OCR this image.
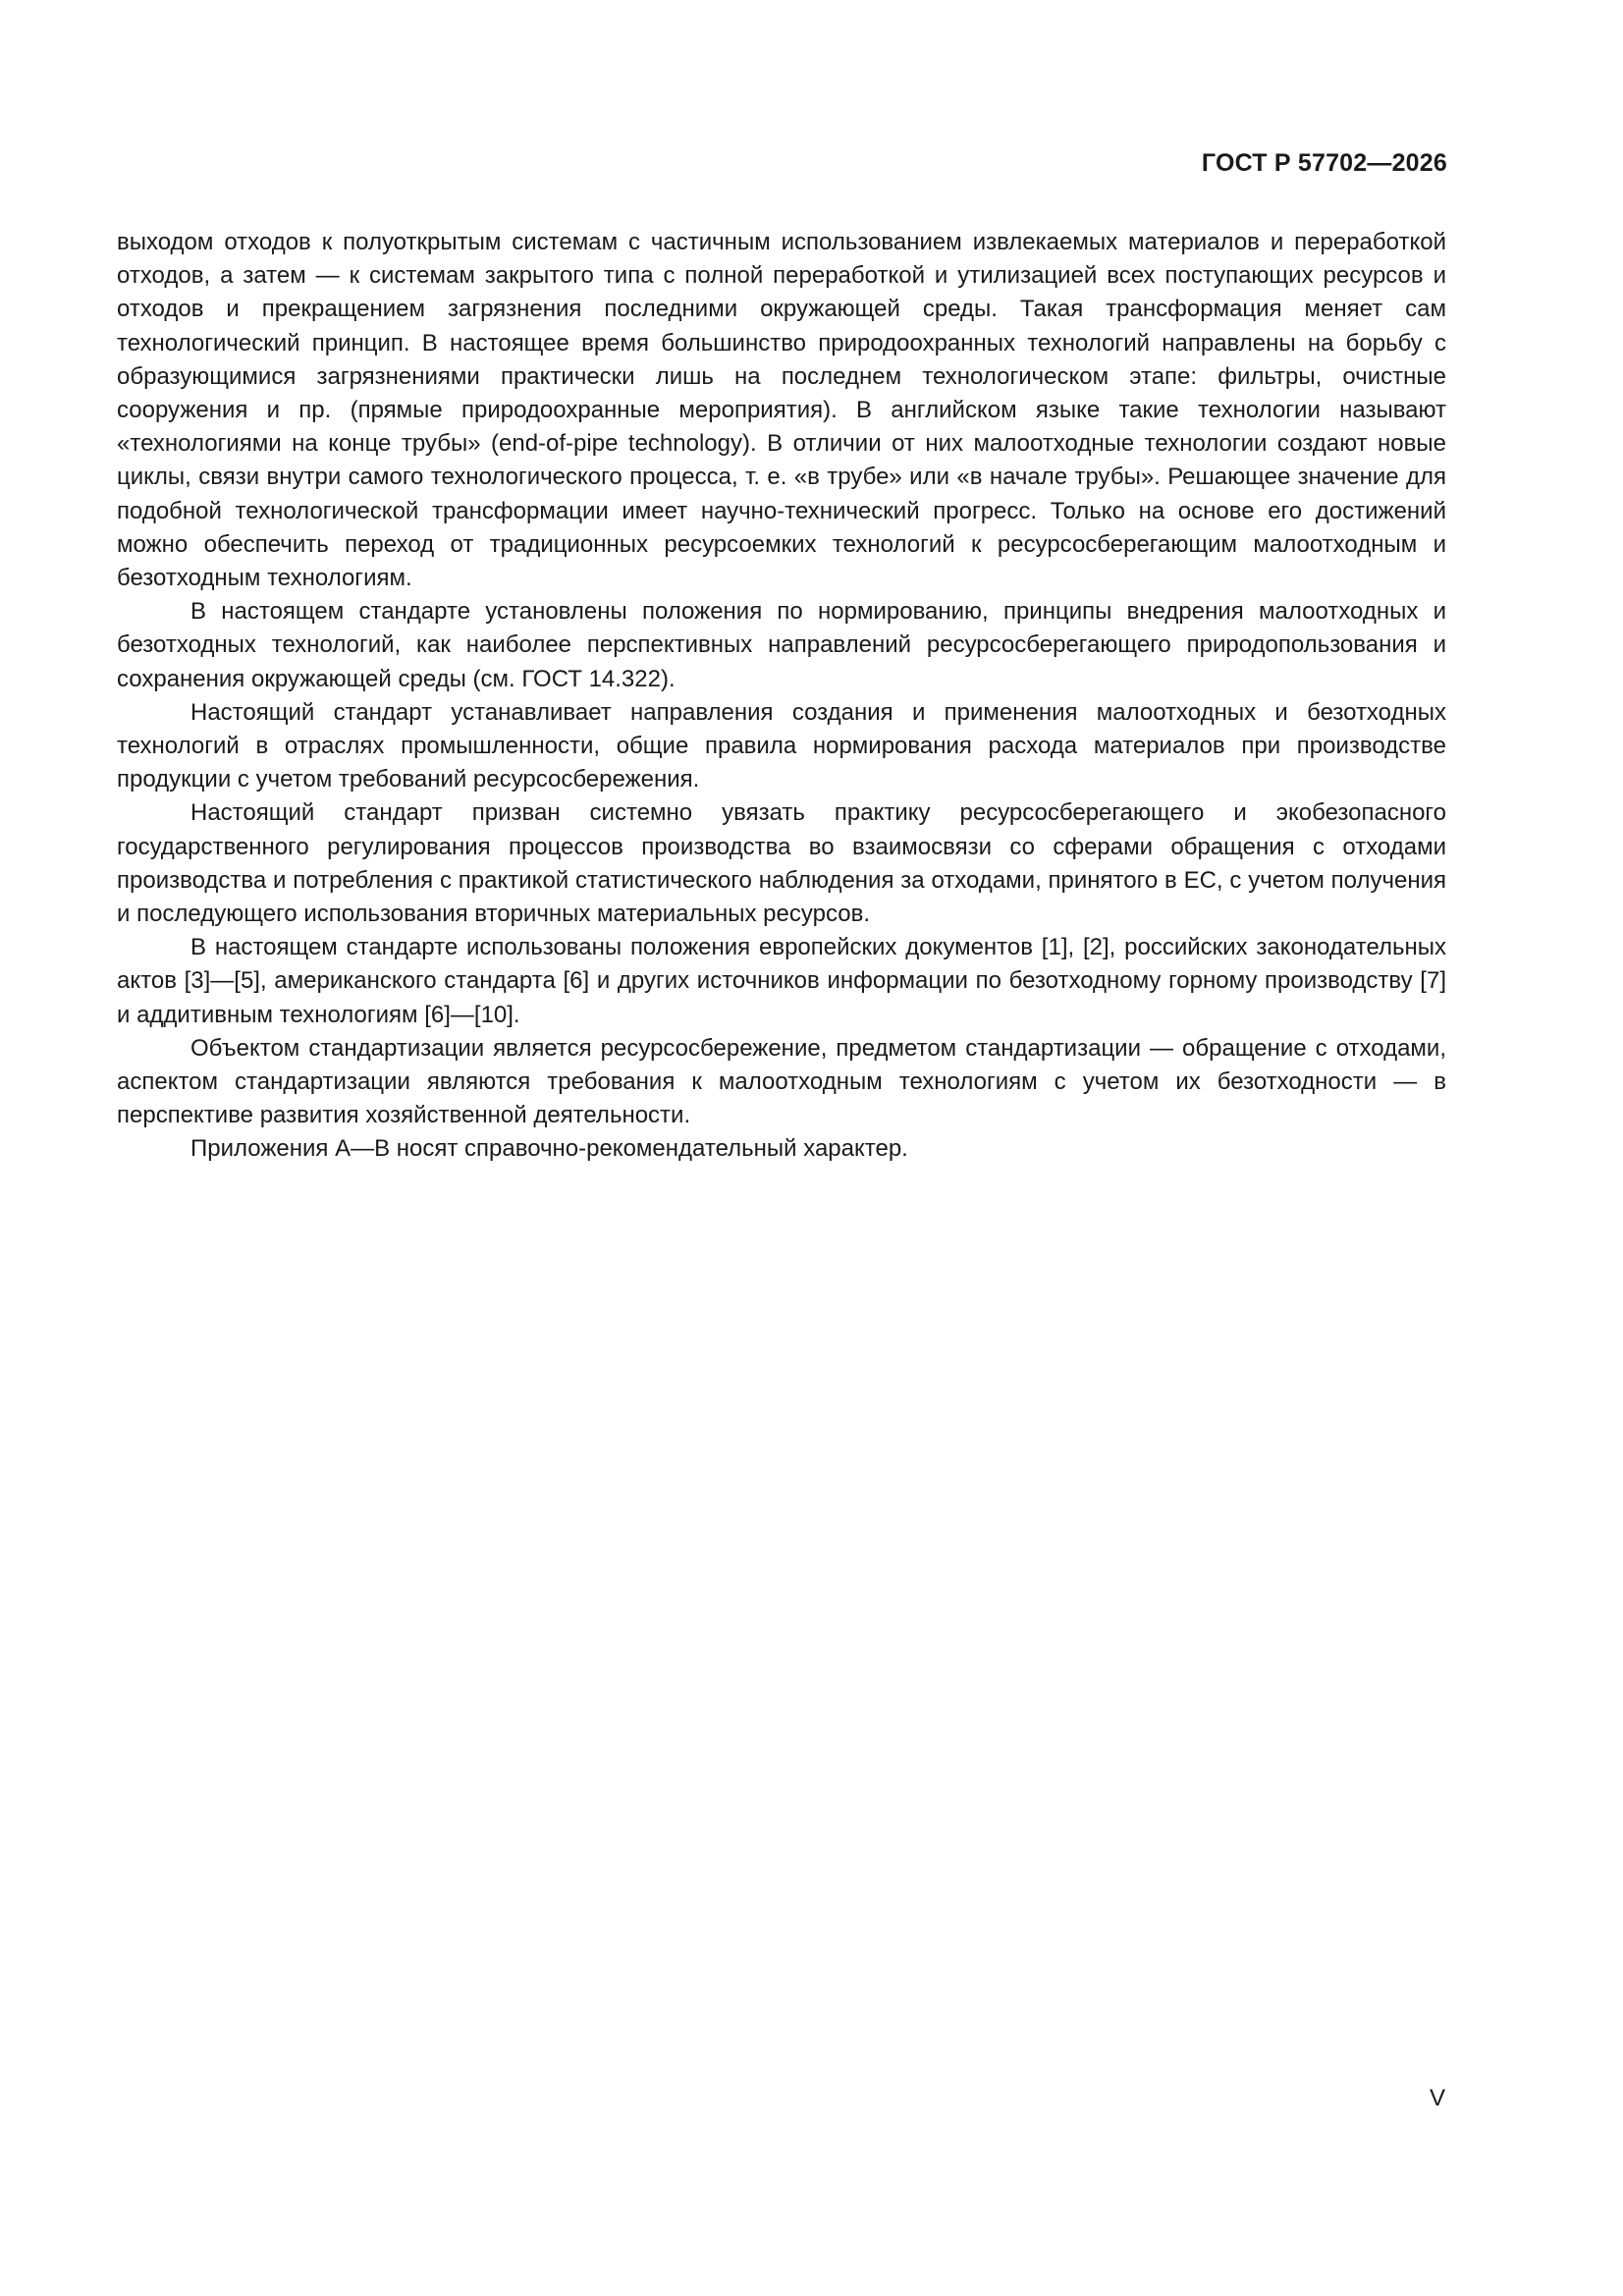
ГОСТ Р 57702—2026

выходом отходов к полуоткрытым системам с частичным использованием извлекаемых материалов и переработкой отходов, а затем — к системам закрытого типа с полной переработкой и утилизацией всех поступающих ресурсов и отходов и прекращением загрязнения последними окружающей среды. Такая трансформация меняет сам технологический принцип. В настоящее время большинство природоохранных технологий направлены на борьбу с образующимися загрязнениями практически лишь на последнем технологическом этапе: фильтры, очистные сооружения и пр. (прямые природоохранные мероприятия). В английском языке такие технологии называют «технологиями на конце трубы» (end-of-pipe technology). В отличии от них малоотходные технологии создают новые циклы, связи внутри самого технологического процесса, т. е. «в трубе» или «в начале трубы». Решающее значение для подобной технологической трансформации имеет научно-технический прогресс. Только на основе его достижений можно обеспечить переход от традиционных ресурсоемких технологий к ресурсосберегающим малоотходным и безотходным технологиям.

В настоящем стандарте установлены положения по нормированию, принципы внедрения малоотходных и безотходных технологий, как наиболее перспективных направлений ресурсосберегающего природопользования и сохранения окружающей среды (см. ГОСТ 14.322).

Настоящий стандарт устанавливает направления создания и применения малоотходных и безотходных технологий в отраслях промышленности, общие правила нормирования расхода материалов при производстве продукции с учетом требований ресурсосбережения.

Настоящий стандарт призван системно увязать практику ресурсосберегающего и экобезопасного государственного регулирования процессов производства во взаимосвязи со сферами обращения с отходами производства и потребления с практикой статистического наблюдения за отходами, принятого в ЕС, с учетом получения и последующего использования вторичных материальных ресурсов.

В настоящем стандарте использованы положения европейских документов [1], [2], российских законодательных актов [3]—[5], американского стандарта [6] и других источников информации по безотходному горному производству [7] и аддитивным технологиям [6]—[10].

Объектом стандартизации является ресурсосбережение, предметом стандартизации — обращение с отходами, аспектом стандартизации являются требования к малоотходным технологиям с учетом их безотходности — в перспективе развития хозяйственной деятельности.

Приложения А—В носят справочно-рекомендательный характер.

V
